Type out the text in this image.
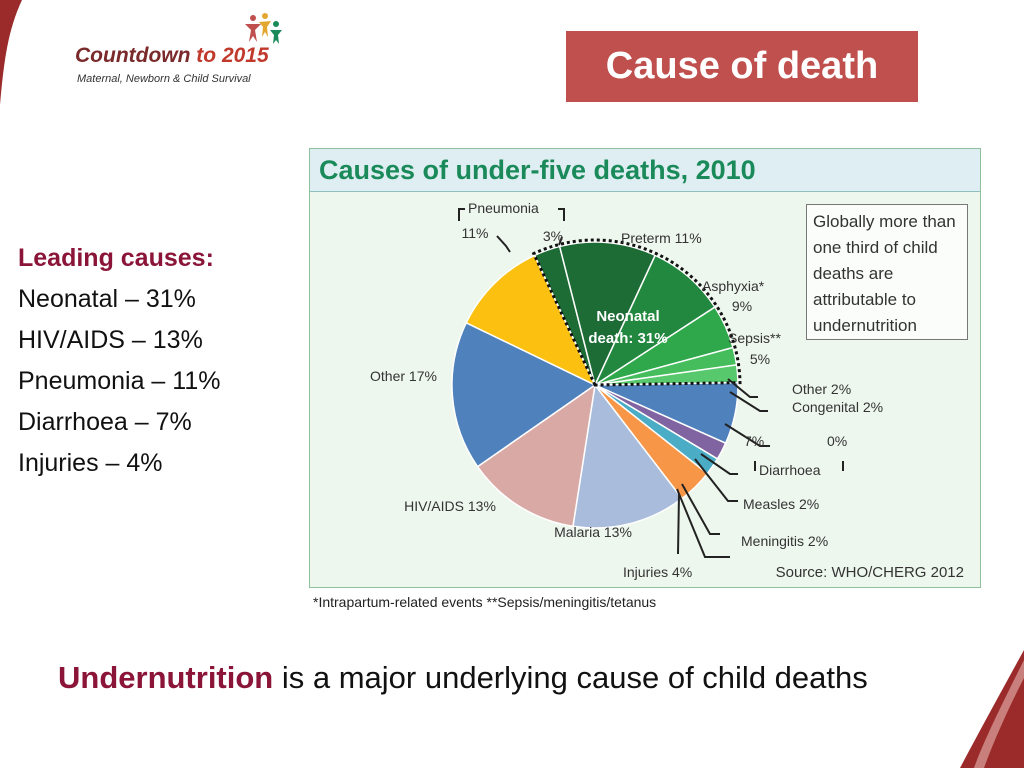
Countdown to 2015
Maternal, Newborn & Child Survival	Cause of death
Leading causes:
Neonatal – 31%
HIV/AIDS – 13%
Pneumonia – 11%
Diarrhoea – 7%
Injuries – 4%
Causes of under-five deaths, 2010
Pneumonia
Diarrhoea
Neonatal
death: 31%
3%	Preterm 11%
Asphyxia*
9%
Sepsis**
5%
Other 2%
Congenital 2%
0%
7%
Measles 2%
Meningitis 2%
Injuries 4%
Malaria 13%
HIV/AIDS 13%
Other 17%
11%
Globally more than one third of child deaths are attributable to undernutrition
Source: WHO/CHERG 2012
*Intrapartum-related events **Sepsis/meningitis/tetanus
Undernutrition is a major underlying cause of child deaths
